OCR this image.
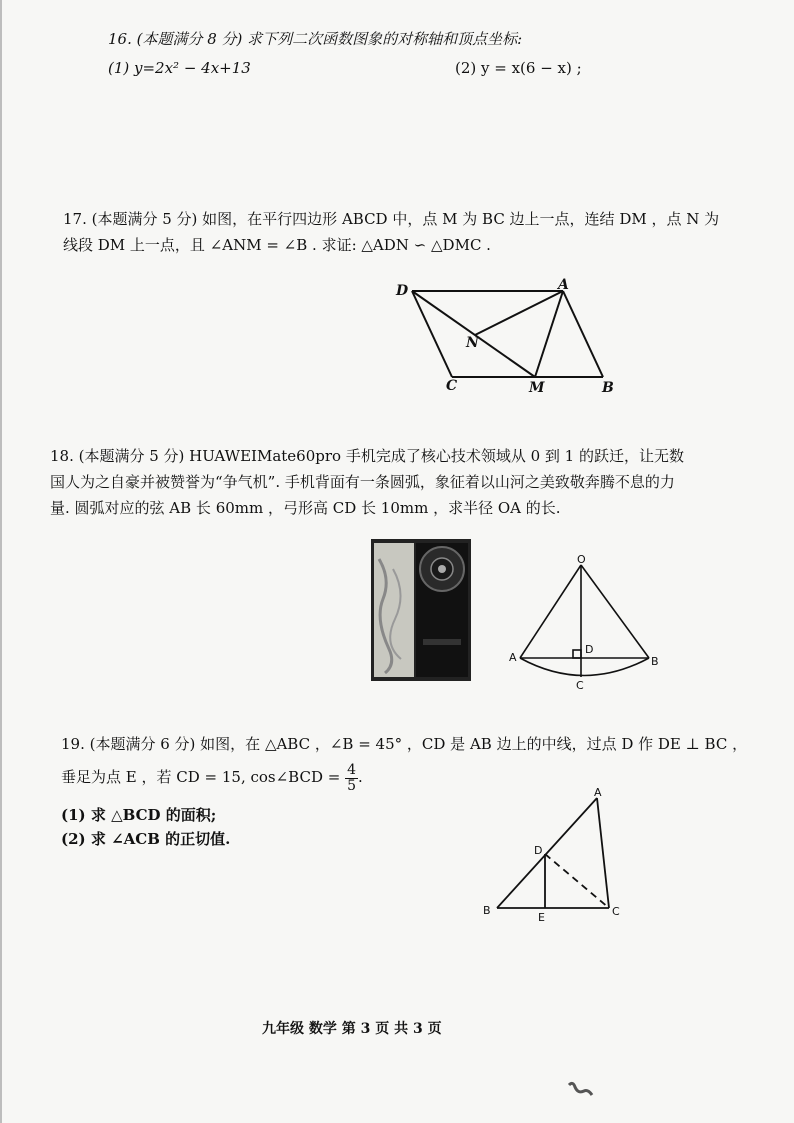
16. (本题满分 8 分) 求下列二次函数图象的对称轴和顶点坐标:
(1) y=2x² − 4x+13	(2) y = x(6 − x) ;
17. (本题满分 5 分) 如图，在平行四边形 ABCD 中，点 M 为 BC 边上一点，连结 DM ，点 N 为
线段 DM 上一点，且 ∠ANM = ∠B . 求证: △ADN ∽ △DMC .
D	A
N
C	M	B
18. (本题满分 5 分) HUAWEIMate60pro 手机完成了核心技术领域从 0 到 1 的跃迁，让无数
国人为之自豪并被赞誉为“争气机”. 手机背面有一条圆弧，象征着以山河之美致敬奔腾不息的力
量. 圆弧对应的弦 AB 长 60mm ，弓形高 CD 长 10mm ，求半径 OA 的长.
O
A
D
B
C
19. (本题满分 6 分) 如图，在 △ABC ，∠B = 45° ，CD 是 AB 边上的中线，过点 D 作 DE ⊥ BC ，
垂足为点 E ，若 CD = 15, cos∠BCD = $\frac{4}{5}$ .
(1) 求 △BCD 的面积;
(2) 求 ∠ACB 的正切值.
A
D
B
E	C
九年级 数学 第 3 页 共 3 页
